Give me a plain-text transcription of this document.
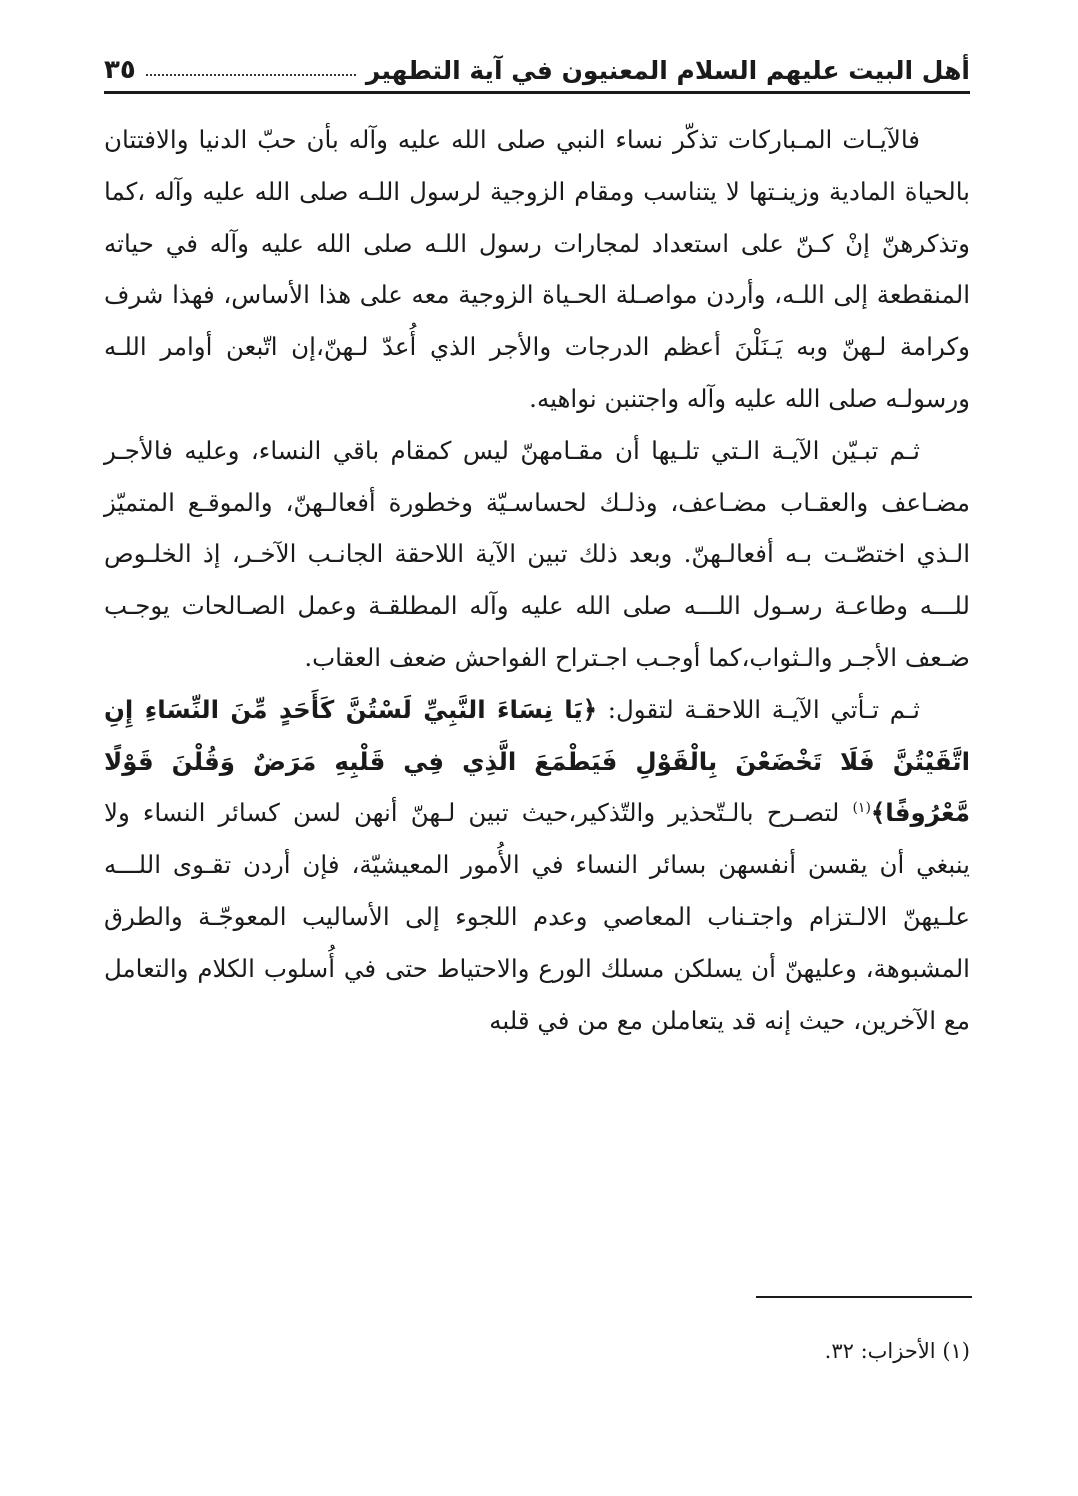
أهل البيت عليهم السلام المعنيون في آية التطهير
٣٥

فالآيـات المـباركات تذكّر نساء النبي صلى الله عليه وآله بأن حبّ الدنيا والافتتان بالحياة المادية وزينـتها لا يتناسب ومقام الزوجية لرسول اللـه صلى الله عليه وآله ،كما وتذكرهنّ إنْ كـنّ على استعداد لمجارات رسول اللـه صلى الله عليه وآله في حياته المنقطعة إلى اللـه، وأردن مواصـلة الحـياة الزوجية معه على هذا الأساس، فهذا شرف وكرامة لـهنّ وبه يَـنَلْنَ أعظم الدرجات والأجر الذي أُعدّ لـهنّ،إن اتّبعن أوامر اللـه ورسولـه صلى الله عليه وآله واجتنبن نواهيه.

ثـم تبـيّن الآيـة الـتي تلـيها أن مقـامهنّ ليس كمقام باقي النساء، وعليه فالأجـر مضـاعف والعقـاب مضـاعف، وذلـك لحساسـيّة وخطورة أفعالـهنّ، والموقـع المتميّز الـذي اختصّـت بـه أفعالـهنّ. وبعد ذلك تبين الآية اللاحقة الجانـب الآخـر، إذ الخلـوص للـــه وطاعـة رسـول اللـــه صلى الله عليه وآله المطلقـة وعمل الصـالحات يوجـب ضـعف الأجـر والـثواب،كما أوجـب اجـتراح الفواحش ضعف العقاب.

ثـم تـأتي الآيـة اللاحقـة لتقول: ﴿يَا نِسَاءَ النَّبِيِّ لَسْتُنَّ كَأَحَدٍ مِّنَ النِّسَاءِ إِنِ اتَّقَيْتُنَّ فَلَا تَخْضَعْنَ بِالْقَوْلِ فَيَطْمَعَ الَّذِي فِي قَلْبِهِ مَرَضٌ وَقُلْنَ قَوْلًا مَّعْرُوفًا﴾$^{(١)}$ لتصـرح بالـتّحذير والتّذكير،حيث تبين لـهنّ أنهن لسن كسائر النساء ولا ينبغي أن يقسن أنفسهن بسائر النساء في الأُمور المعيشيّة، فإن أردن تقـوى اللـــه علـيهنّ الالـتزام واجتـناب المعاصي وعدم اللجوء إلى الأساليب المعوجّـة والطرق المشبوهة، وعليهنّ أن يسلكن مسلك الورع والاحتياط حتى في أُسلوب الكلام والتعامل مع الآخرين، حيث إنه قد يتعاملن مع من في قلبه

(١) الأحزاب: ٣٢.
